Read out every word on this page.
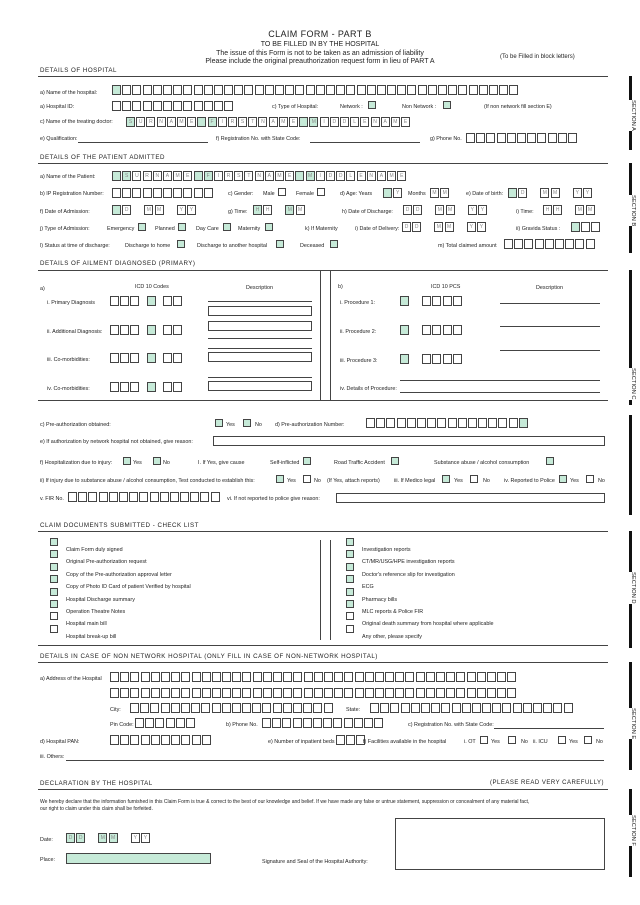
CLAIM FORM - PART B
TO BE FILLED IN BY THE HOSPITAL
The issue of this Form is not to be taken as an admission of liability
Please include the original preauthorization request form in lieu of PART A
(To be Filled in block letters)
DETAILS OF HOSPITAL
SECTION A
a) Name of the hospital:
a) Hospital ID:	c) Type of Hospital:	Network :	Non Network :	(If non network fill section E)
c) Name of the treating doctor:	S U R N A M E	F I R S T N A M E	M I D D L E N A M E
e) Qualification:	f) Registration No. with State Code:	g) Phone No.
DETAILS OF THE PATIENT ADMITTED
SECTION B
a) Name of the Patient:	S U R N A M E	F I R S T N A M E	M I D D L E N A M E
b) IP Registration Number:	c) Gender: Male	Female	d) Age: Years	Y	Months	M M	e) Date of birth:	D	M M	Y Y
f) Date of Admission:	D	M M	Y Y	g) Time:	H H	M M	h) Date of Discharge:	D D	M M	Y Y	i) Time:	H H	M M
j) Type of Admission:	Emergency	Planned	Day Care	Maternity	k) If Maternity	i) Date of Delivery:	D D	M M	Y Y	ii) Gravida Status :
l) Status at time of discharge:	Discharge to home	Discharge to another hospital	Deceased	m) Total claimed amount
DETAILS OF AILMENT DIAGNOSED (PRIMARY)
SECTION C
a)	ICD 10 Codes	Description	b)	ICD 10 PCS	Description
i. Primary Diagnosis	i. Procedure 1:
ii. Additional Diagnosis:	ii. Procedure 2:
iii. Co-morbidities:	iii. Procedure 3:
iv. Co-morbidities:	iv. Details of Procedure:
c) Pre-authorization obtained:	Yes	No d) Pre-authorization Number:
e) If authorization by network hospital not obtained, give reason:
f) Hospitalization due to injury:	Yes	No	I. If Yes, give cause	Self-inflicted	Road Traffic Accident	Substance abuse / alcohol consumption
ii) If injury due to substance abuse / alcohol consumption, Test conducted to establish this:	Yes	No (If Yes, attach reports)	iii. If Medico legal	Yes	No	iv. Reported to Police	Yes	No
v. FIR No.	vi. If not reported to police give reason:
CLAIM DOCUMENTS SUBMITTED - CHECK LIST
SECTION D
Claim Form duly signed
Original Pre-authorization request
Copy of the Pre-authorization approval letter
Copy of Photo ID Card of patient Verified by hospital
Hospital Discharge summary
Operation Theatre Notes
Hospital main bill
Hospital break-up bill
Investigation reports
CT/MR/USG/HPE investigation reports
Doctor's reference slip for investigation
ECG
Pharmacy bills
MLC reports & Police FIR
Original death summary from hospital where applicable
Any other, please specify
DETAILS IN CASE OF NON NETWORK HOSPITAL (ONLY FILL IN CASE OF NON-NETWORK HOSPITAL)
SECTION E
a) Address of the Hospital
City:	State:
Pin Code:	b) Phone No.	c) Registration No. with State Code:
d) Hospital PAN:	e) Number of inpatient beds	f) Facilities available in the hospital	i. OT	Yes	No ii. ICU	Yes	No
iii. Others:
DECLARATION BY THE HOSPITAL	(PLEASE READ VERY CAREFULLY)
SECTION F
We hereby declare that the information furnished in this Claim Form is true & correct to the best of our knowledge and belief. If we have made any false or untrue statement, suppression or concealment of any material fact,
our right to claim under this claim shall be forfeited.
Date:	D D	M M	Y Y
Place:	Signature and Seal of the Hospital Authority:
